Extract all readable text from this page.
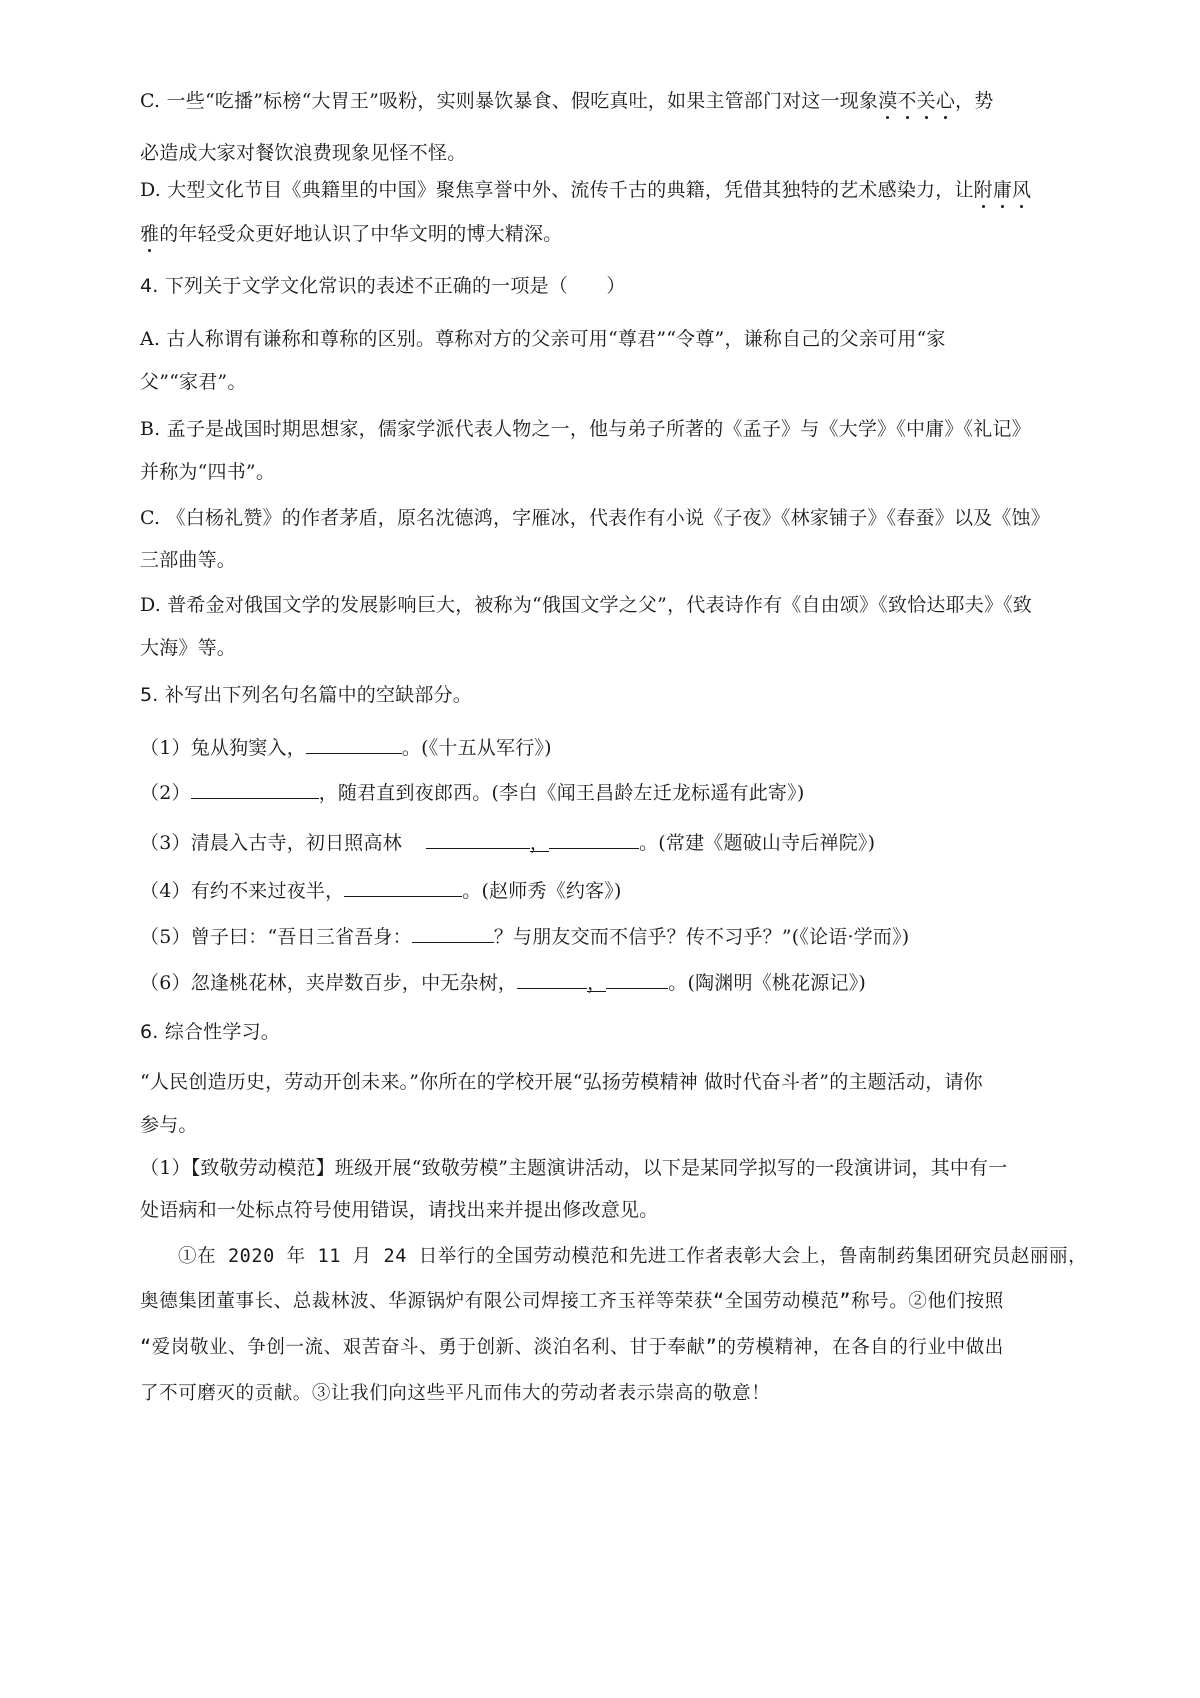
C. 一些“吃播”标榜“大胃王”吸粉，实则暴饮暴食、假吃真吐，如果主管部门对这一现象漠不关心，势
必造成大家对餐饮浪费现象见怪不怪。
D. 大型文化节目《典籍里的中国》聚焦享誉中外、流传千古的典籍，凭借其独特的艺术感染力，让附庸风
雅的年轻受众更好地认识了中华文明的博大精深。
4. 下列关于文学文化常识的表述不正确的一项是（　　）
A. 古人称谓有谦称和尊称的区别。尊称对方的父亲可用“尊君”“令尊”，谦称自己的父亲可用“家
父”“家君”。
B. 孟子是战国时期思想家，儒家学派代表人物之一，他与弟子所著的《孟子》与《大学》《中庸》《礼记》
并称为“四书”。
C. 《白杨礼赞》的作者茅盾，原名沈德鸿，字雁冰，代表作有小说《子夜》《林家铺子》《春蚕》以及《蚀》
三部曲等。
D. 普希金对俄国文学的发展影响巨大，被称为“俄国文学之父”，代表诗作有《自由颂》《致恰达耶夫》《致
大海》等。
5. 补写出下列名句名篇中的空缺部分。
（1）兔从狗窦入，	。(《十五从军行》)
（2）	，随君直到夜郎西。(李白《闻王昌龄左迁龙标遥有此寄》)
（3）清晨入古寺，初日照高林	，	。(常建《题破山寺后禅院》)
（4）有约不来过夜半，	。(赵师秀《约客》)
（5）曾子曰：“吾日三省吾身：	？与朋友交而不信乎？传不习乎？”(《论语·学而》)
（6）忽逢桃花林，夹岸数百步，中无杂树，	，	。(陶渊明《桃花源记》)
6. 综合性学习。
“人民创造历史，劳动开创未来。”你所在的学校开展“弘扬劳模精神 做时代奋斗者”的主题活动，请你
参与。
（1）【致敬劳动模范】班级开展“致敬劳模”主题演讲活动，以下是某同学拟写的一段演讲词，其中有一
处语病和一处标点符号使用错误，请找出来并提出修改意见。
①在 2020 年 11 月 24 日举行的全国劳动模范和先进工作者表彰大会上，鲁南制药集团研究员赵丽丽，
奥德集团董事长、总裁林波、华源锅炉有限公司焊接工齐玉祥等荣获“全国劳动模范”称号。②他们按照
“爱岗敬业、争创一流、艰苦奋斗、勇于创新、淡泊名利、甘于奉献”的劳模精神，在各自的行业中做出
了不可磨灭的贡献。③让我们向这些平凡而伟大的劳动者表示崇高的敬意！
